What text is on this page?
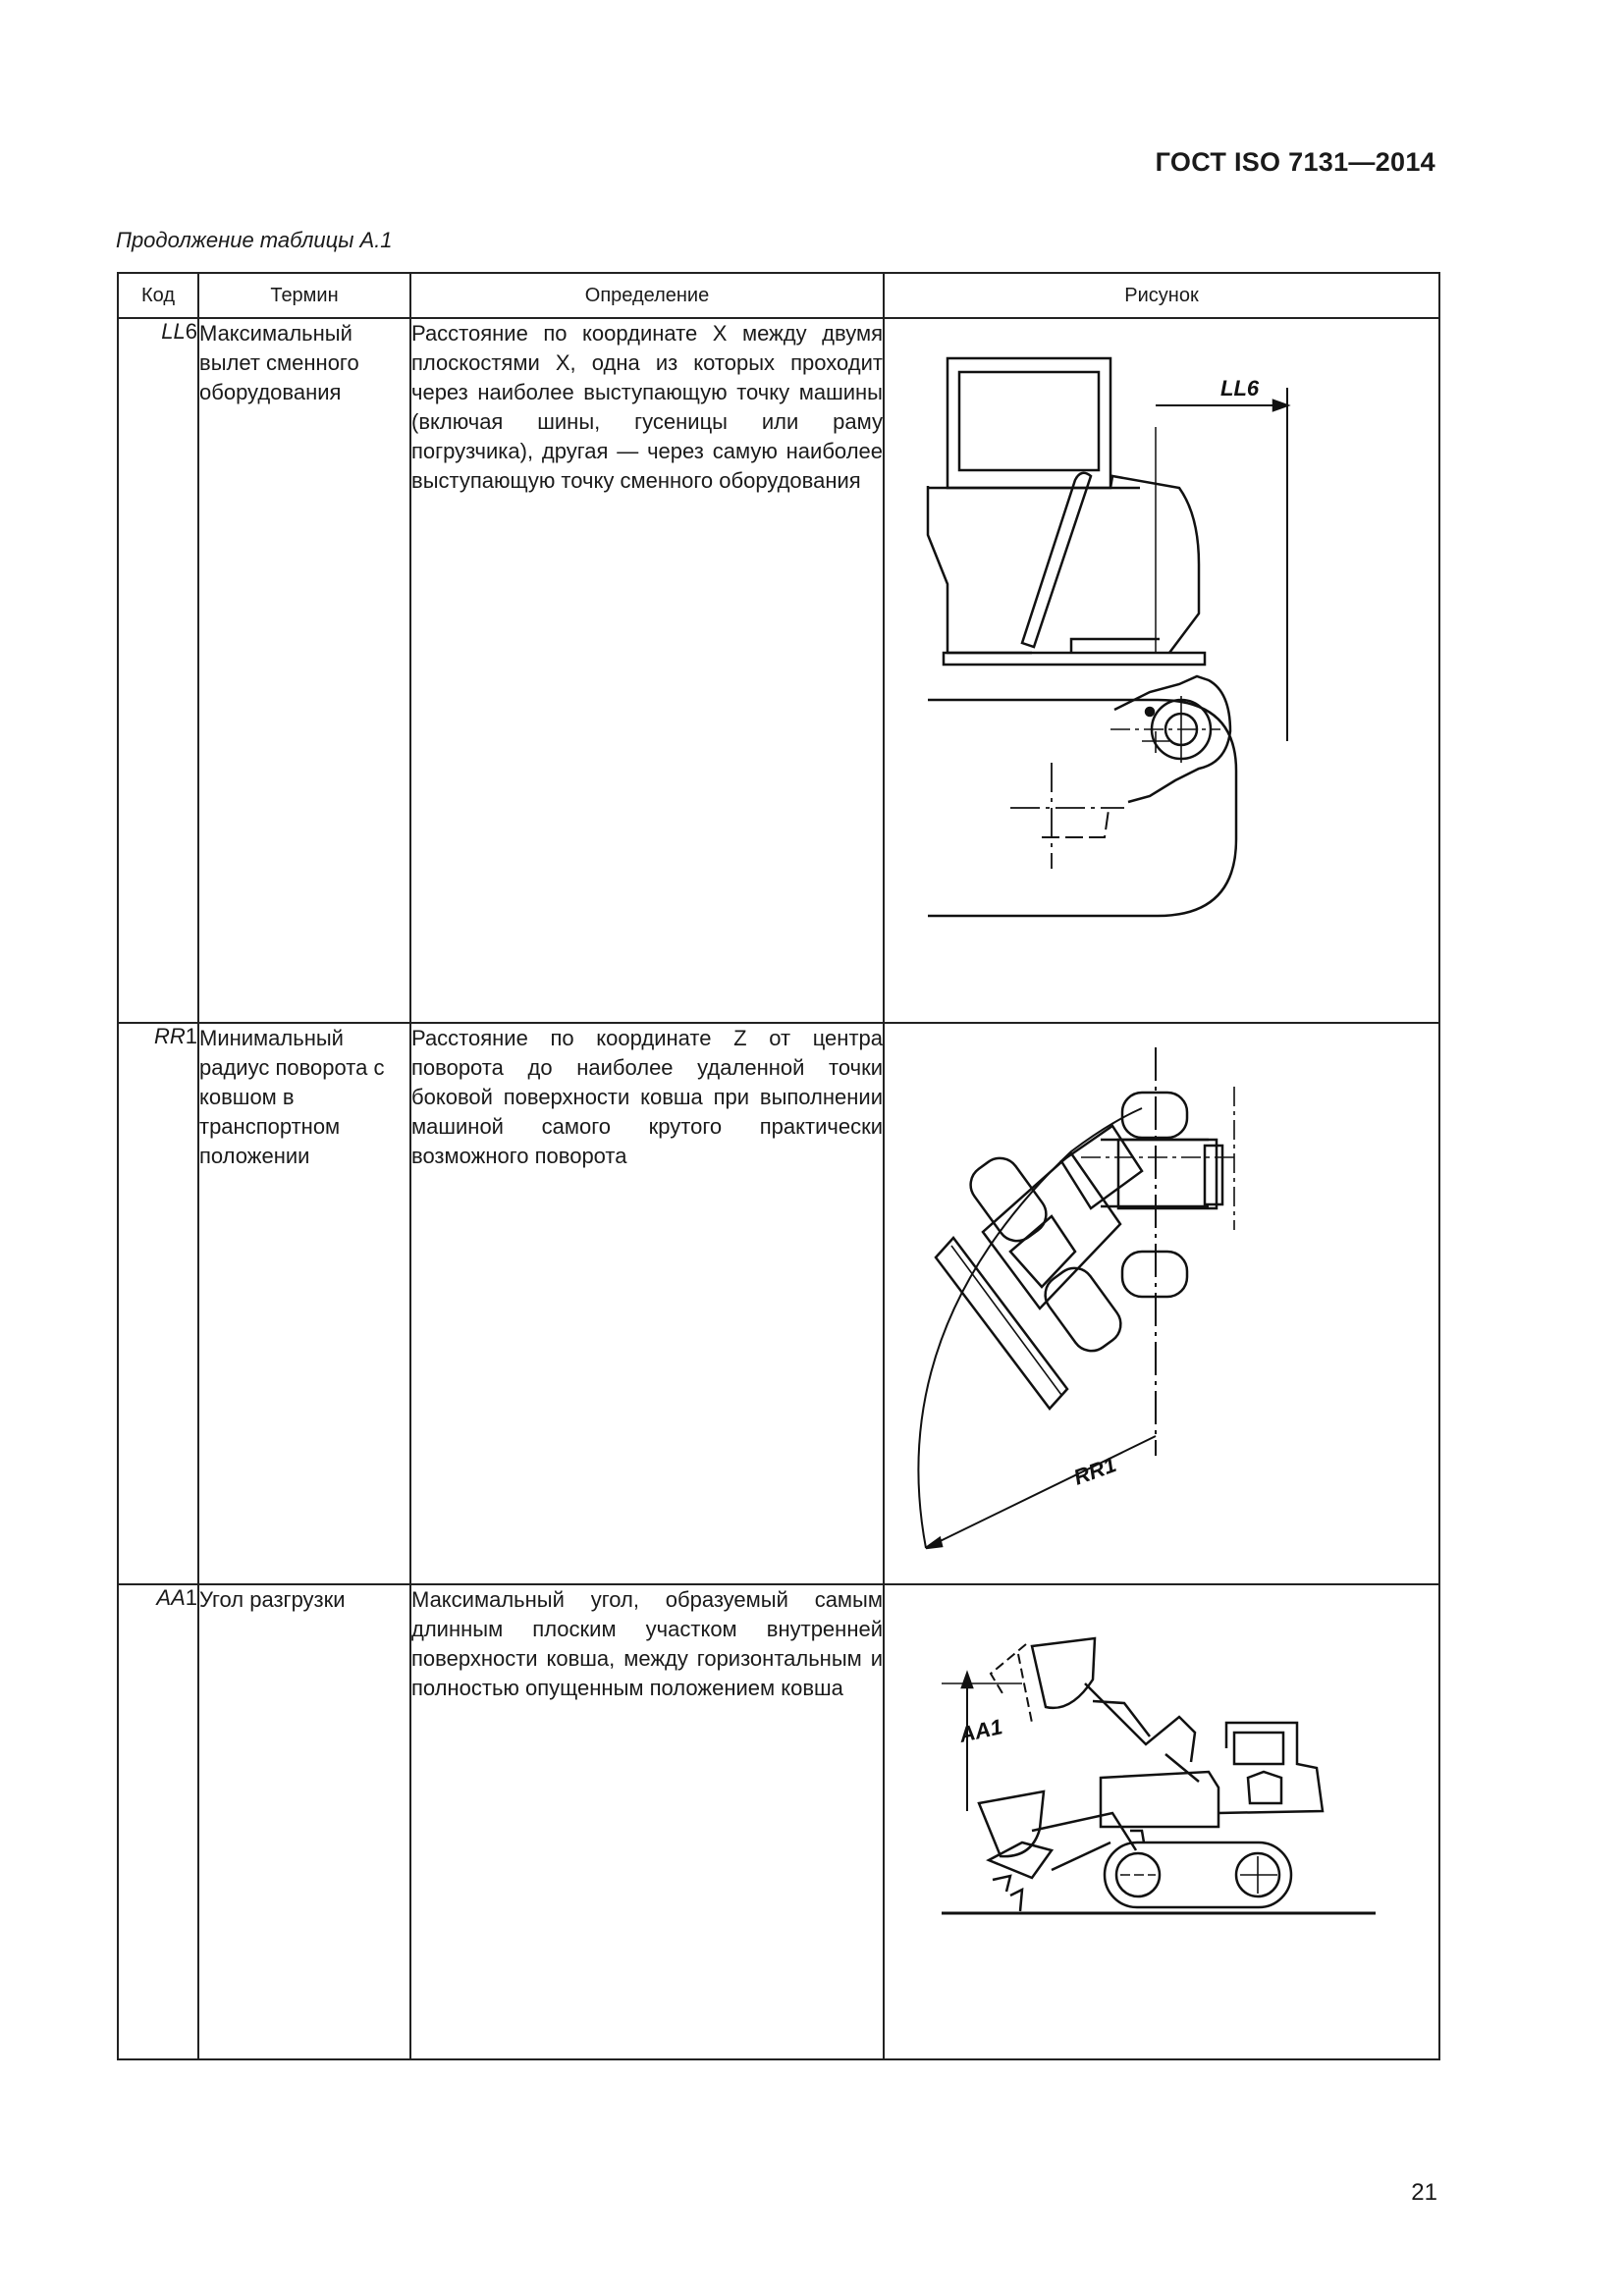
ГОСТ ISO 7131—2014
Продолжение таблицы А.1
Код	Термин	Определение	Рисунок
LL6	Максимальный вылет сменного оборудования	Расстояние по координате X между двумя плоскостями X, одна из которых проходит через наиболее выступающую точку машины (включая шины, гусеницы или раму погрузчика), другая — через самую наиболее выступающую точку сменного оборудования	LL6

RR1	Минимальный радиус поворота с ковшом в транспортном положении	Расстояние по координате Z от центра поворота до наиболее удаленной точки боковой поверхности ковша при выполнении машиной самого крутого практически возможного поворота	RR1

AA1	Угол разгрузки	Максимальный угол, образуемый самым длинным плоским участком внутренней поверхности ковша, между горизонтальным и полностью опущенным положением ковша	AA1
21
